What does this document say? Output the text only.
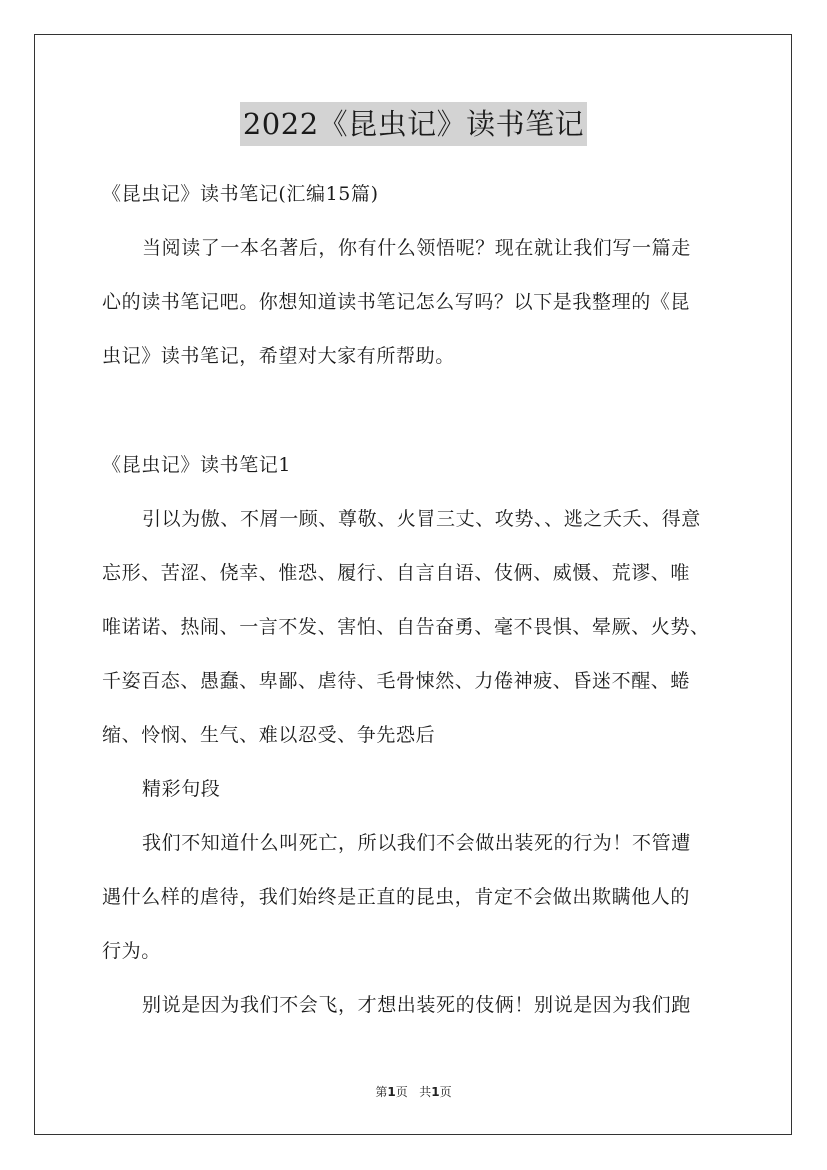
2022《昆虫记》读书笔记
《昆虫记》读书笔记(汇编15篇)
当阅读了一本名著后，你有什么领悟呢？现在就让我们写一篇走
心的读书笔记吧。你想知道读书笔记怎么写吗？以下是我整理的《昆
虫记》读书笔记，希望对大家有所帮助。
《昆虫记》读书笔记1
引以为傲、不屑一顾、尊敬、火冒三丈、攻势、、逃之夭夭、得意
忘形、苦涩、侥幸、惟恐、履行、自言自语、伎俩、威慑、荒谬、唯
唯诺诺、热闹、一言不发、害怕、自告奋勇、毫不畏惧、晕厥、火势、
千姿百态、愚蠢、卑鄙、虐待、毛骨悚然、力倦神疲、昏迷不醒、蜷
缩、怜悯、生气、难以忍受、争先恐后
精彩句段
我们不知道什么叫死亡，所以我们不会做出装死的行为！不管遭
遇什么样的虐待，我们始终是正直的昆虫，肯定不会做出欺瞒他人的
行为。
别说是因为我们不会飞，才想出装死的伎俩！别说是因为我们跑
第1页 共1页
